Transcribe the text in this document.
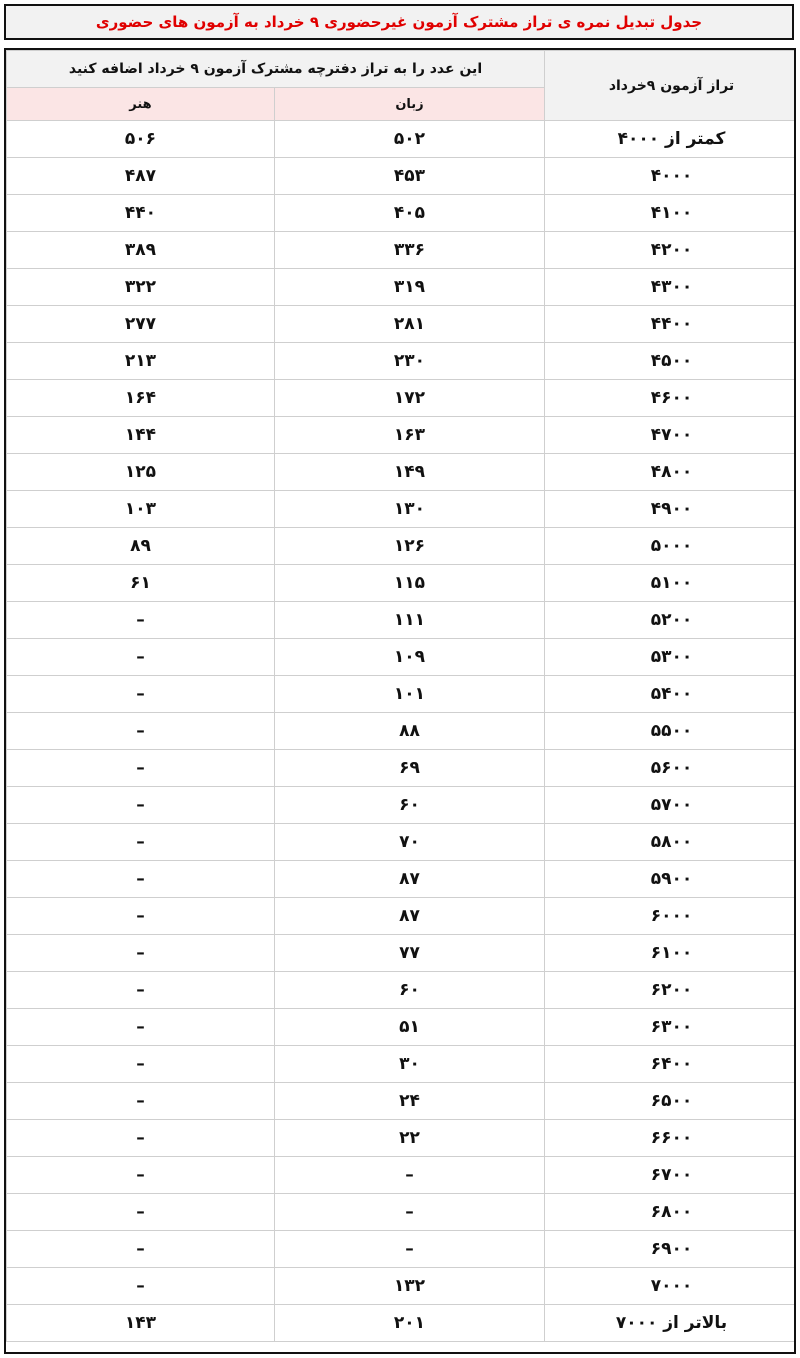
جدول تبدیل نمره ی تراز مشترک آزمون غیرحضوری ۹ خرداد به آزمون های حضوری
تراز آزمون ۹خرداد	این عدد را به تراز دفترچه مشترک آزمون ۹ خرداد اضافه کنید	
	زبان	هنر
کمتر از ۴۰۰۰	۵۰۲	۵۰۶
۴۰۰۰	۴۵۳	۴۸۷
۴۱۰۰	۴۰۵	۴۴۰
۴۲۰۰	۳۳۶	۳۸۹
۴۳۰۰	۳۱۹	۳۲۲
۴۴۰۰	۲۸۱	۲۷۷
۴۵۰۰	۲۳۰	۲۱۳
۴۶۰۰	۱۷۲	۱۶۴
۴۷۰۰	۱۶۳	۱۴۴
۴۸۰۰	۱۴۹	۱۲۵
۴۹۰۰	۱۳۰	۱۰۳
۵۰۰۰	۱۲۶	۸۹
۵۱۰۰	۱۱۵	۶۱
۵۲۰۰	۱۱۱	–
۵۳۰۰	۱۰۹	–
۵۴۰۰	۱۰۱	–
۵۵۰۰	۸۸	–
۵۶۰۰	۶۹	–
۵۷۰۰	۶۰	–
۵۸۰۰	۷۰	–
۵۹۰۰	۸۷	–
۶۰۰۰	۸۷	–
۶۱۰۰	۷۷	–
۶۲۰۰	۶۰	–
۶۳۰۰	۵۱	–
۶۴۰۰	۳۰	–
۶۵۰۰	۲۴	–
۶۶۰۰	۲۲	–
۶۷۰۰	–	–
۶۸۰۰	–	–
۶۹۰۰	–	–
۷۰۰۰	۱۳۲	–
بالاتر از ۷۰۰۰	۲۰۱	۱۴۳
